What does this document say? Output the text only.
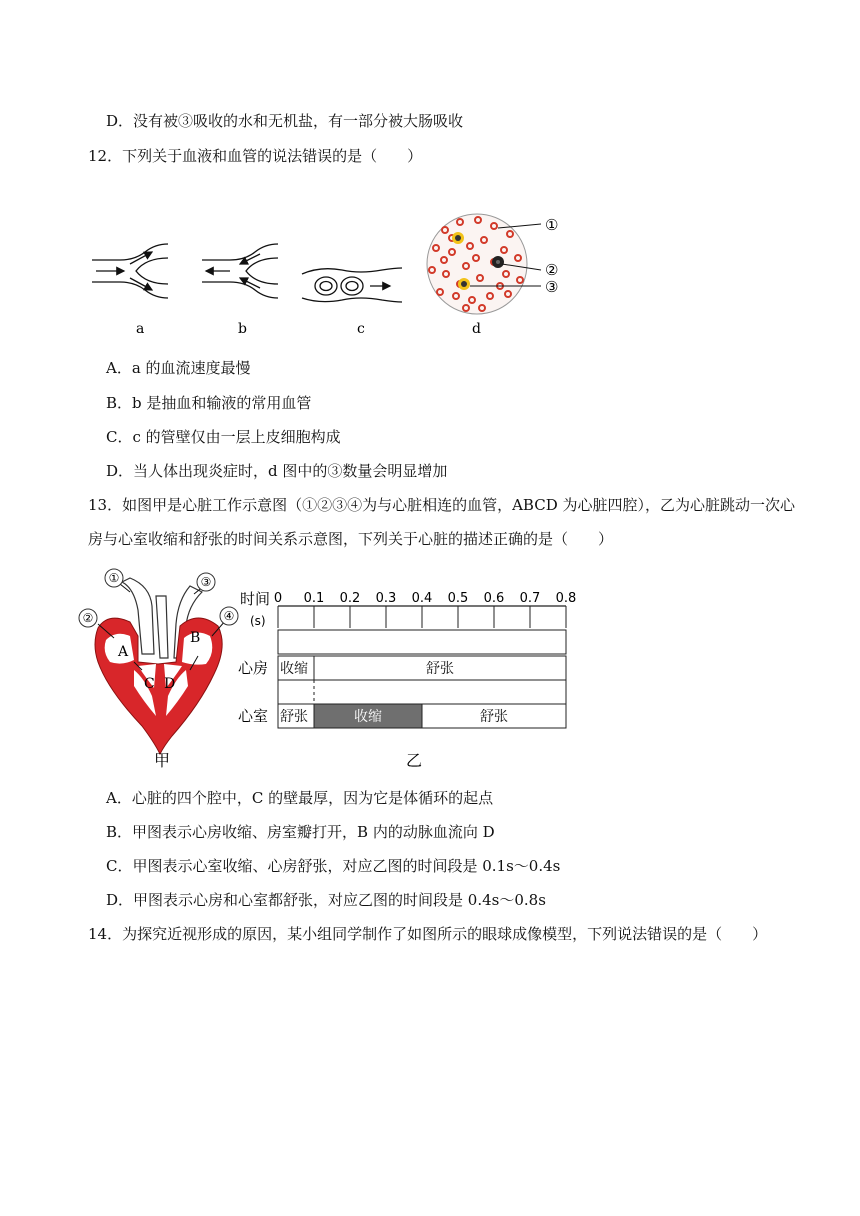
D．没有被③吸收的水和无机盐，有一部分被大肠吸收
12．下列关于血液和血管的说法错误的是（　　）
a	b	c
①
②
③
d
A．a 的血流速度最慢
B．b 是抽血和输液的常用血管
C．c 的管壁仅由一层上皮细胞构成
D．当人体出现炎症时，d 图中的③数量会明显增加
13．如图甲是心脏工作示意图（①②③④为与心脏相连的血管，ABCD 为心脏四腔），乙为心脏跳动一次心
房与心室收缩和舒张的时间关系示意图，下列关于心脏的描述正确的是（　　）
①	③
②	④
A
B
C D
甲
时间
(s)
0 0.1 0.2 0.3 0.4 0.5 0.6 0.7 0.8
心房 收缩	舒张
心室 舒张	收缩	舒张
乙
A．心脏的四个腔中，C 的壁最厚，因为它是体循环的起点
B．甲图表示心房收缩、房室瓣打开，B 内的动脉血流向 D
C．甲图表示心室收缩、心房舒张，对应乙图的时间段是 0.1s～0.4s
D．甲图表示心房和心室都舒张，对应乙图的时间段是 0.4s～0.8s
14．为探究近视形成的原因，某小组同学制作了如图所示的眼球成像模型，下列说法错误的是（　　）
